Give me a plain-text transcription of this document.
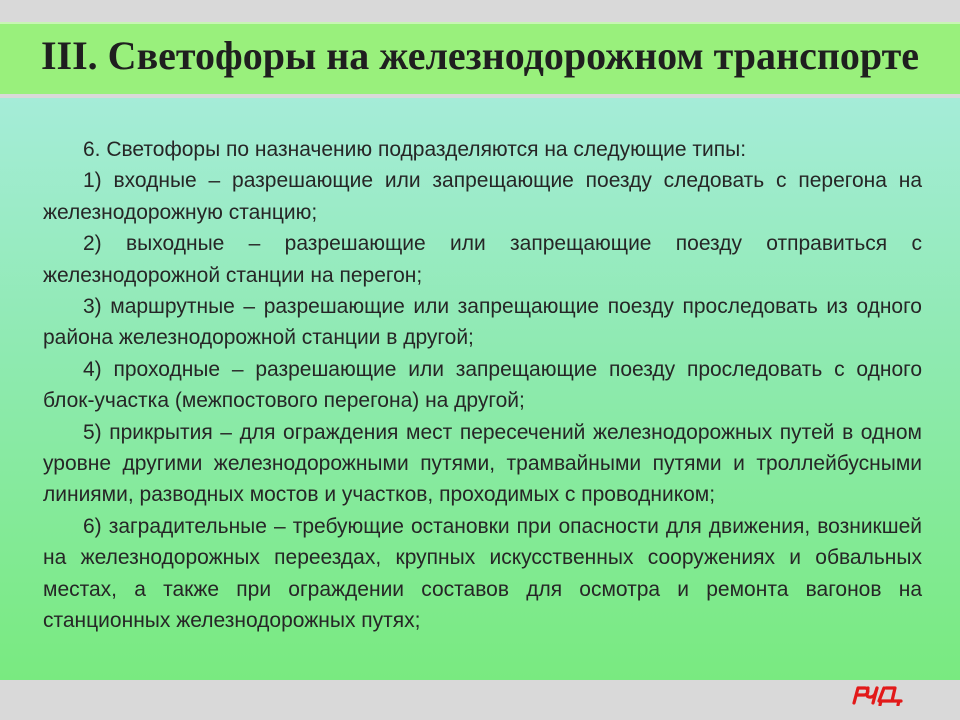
III. Светофоры на железнодорожном транспорте

6. Светофоры по назначению подразделяются на следующие типы:

1) входные – разрешающие или запрещающие поезду следовать с перегона на железнодорожную станцию;

2) выходные – разрешающие или запрещающие поезду отправиться с железнодорожной станции на перегон;

3) маршрутные – разрешающие или запрещающие поезду проследовать из одного района железнодорожной станции в другой;

4) проходные – разрешающие или запрещающие поезду проследовать с одного блок-участка (межпостового перегона) на другой;

5) прикрытия – для ограждения мест пересечений железнодорожных путей в одном уровне другими железнодорожными путями, трамвайными путями и троллейбусными линиями, разводных мостов и участков, проходимых с проводником;

6) заградительные – требующие остановки при опасности для движения, возникшей на железнодорожных переездах, крупных искусственных сооружениях и обвальных местах, а также при ограждении составов для осмотра и ремонта вагонов на станционных железнодорожных путях;
